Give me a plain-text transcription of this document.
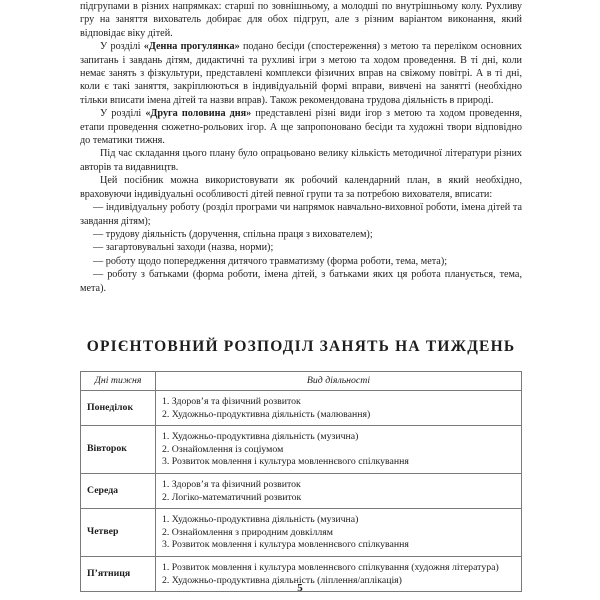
підгрупами в різних напрямках: старші по зовнішньому, а молодші по внутрішньому колу. Рухливу гру на заняття вихователь добирає для обох підгруп, але з різним варіантом виконання, який відповідає віку дітей.

У розділі «Денна прогулянка» подано бесіди (спостереження) з метою та переліком основних запитань і завдань дітям, дидактичні та рухливі ігри з метою та ходом проведення. В ті дні, коли немає занять з фізкультури, представлені комплекси фізичних вправ на свіжому повітрі. А в ті дні, коли є такі заняття, закріплюються в індивідуальній формі вправи, вивчені на занятті (необхідно тільки вписати імена дітей та назви вправ). Також рекомендована трудова діяльність в природі.

У розділі «Друга половина дня» представлені різні види ігор з метою та ходом проведення, етапи проведення сюжетно-рольових ігор. А ще запропоновано бесіди та художні твори відповідно до тематики тижня.

Під час складання цього плану було опрацьовано велику кількість методичної літератури різних авторів та видавництв.

Цей посібник можна використовувати як робочий календарний план, в який необхідно, враховуючи індивідуальні особливості дітей певної групи та за потребою вихователя, вписати:

— індивідуальну роботу (розділ програми чи напрямок навчально-виховної роботи, імена дітей та завдання дітям);

— трудову діяльність (доручення, спільна праця з вихователем);

— загартовувальні заходи (назва, норми);

— роботу щодо попередження дитячого травматизму (форма роботи, тема, мета);

— роботу з батьками (форма роботи, імена дітей, з батьками яких ця робота планується, тема, мета).

ОРІЄНТОВНИЙ РОЗПОДІЛ ЗАНЯТЬ НА ТИЖДЕНЬ
Дні тижня	Вид діяльності
Понеділок	1. Здоров’я та фізичний розвиток
2. Художньо-продуктивна діяльність (малювання)

Вівторок	1. Художньо-продуктивна діяльність (музична)
2. Ознайомлення із соціумом
3. Розвиток мовлення і культура мовленнєвого спілкування

Середа	1. Здоров’я та фізичний розвиток
2. Логіко-математичний розвиток

Четвер	1. Художньо-продуктивна діяльність (музична)
2. Ознайомлення з природним довкіллям
3. Розвиток мовлення і культура мовленнєвого спілкування

П’ятниця	1. Розвиток мовлення і культура мовленнєвого спілкування (художня література)
2. Художньо-продуктивна діяльність (ліплення/аплікація)
5
